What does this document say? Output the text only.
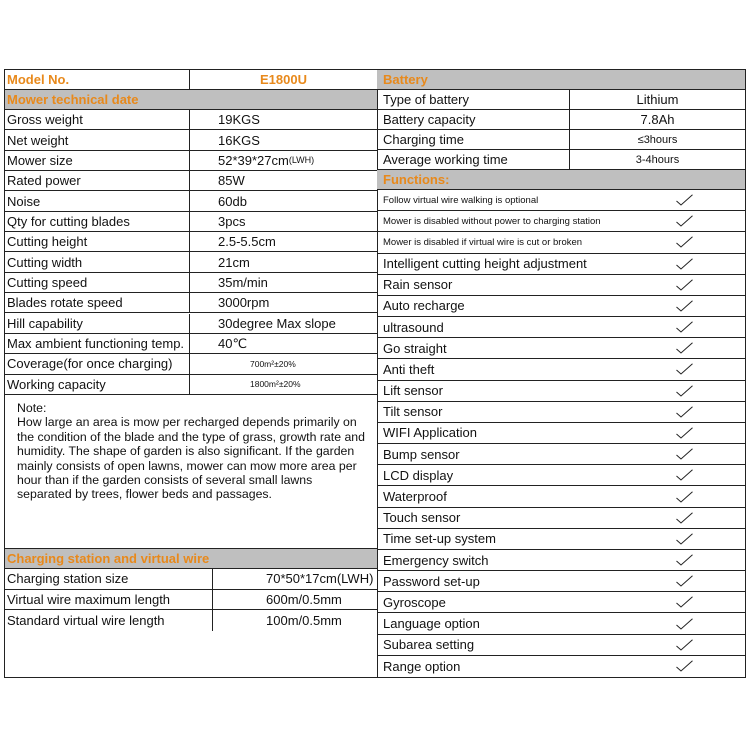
Model No.	E1800U
Mower technical date
Gross weight	19KGS
Net weight	16KGS
Mower size	52*39*27cm (LWH)
Rated power	85W
Noise	60db
Qty for cutting blades	3pcs
Cutting height	2.5-5.5cm
Cutting width	21cm
Cutting speed	35m/min
Blades rotate speed	3000rpm
Hill capability	30degree Max slope
Max ambient functioning temp.	40℃
Coverage(for once charging)	700m²±20%
Working capacity	1800m²±20%
Note:
How large an area is mow per recharged depends primarily on the condition of the blade and the type of grass, growth rate and humidity. The shape of garden is also significant. If the garden mainly consists of open lawns, mower can mow more area per hour than if the garden consists of several small lawns separated by trees, flower beds and passages.
Charging station and virtual wire
Charging station size	70*50*17cm(LWH)
Virtual wire maximum length	600m/0.5mm
Standard virtual wire length	100m/0.5mm
Battery
Type of battery	Lithium
Battery capacity	7.8Ah
Charging time	≤3hours
Average working time	3-4hours
Functions:
Follow virtual wire walking is optional
Mower is disabled without power to charging station
Mower is disabled if virtual wire is cut or broken
Intelligent cutting height adjustment
Rain sensor
Auto recharge
ultrasound
Go straight
Anti theft
Lift sensor
Tilt sensor
WIFI Application
Bump sensor
LCD display
Waterproof
Touch sensor
Time set-up system
Emergency switch
Password set-up
Gyroscope
Language option
Subarea setting
Range option
